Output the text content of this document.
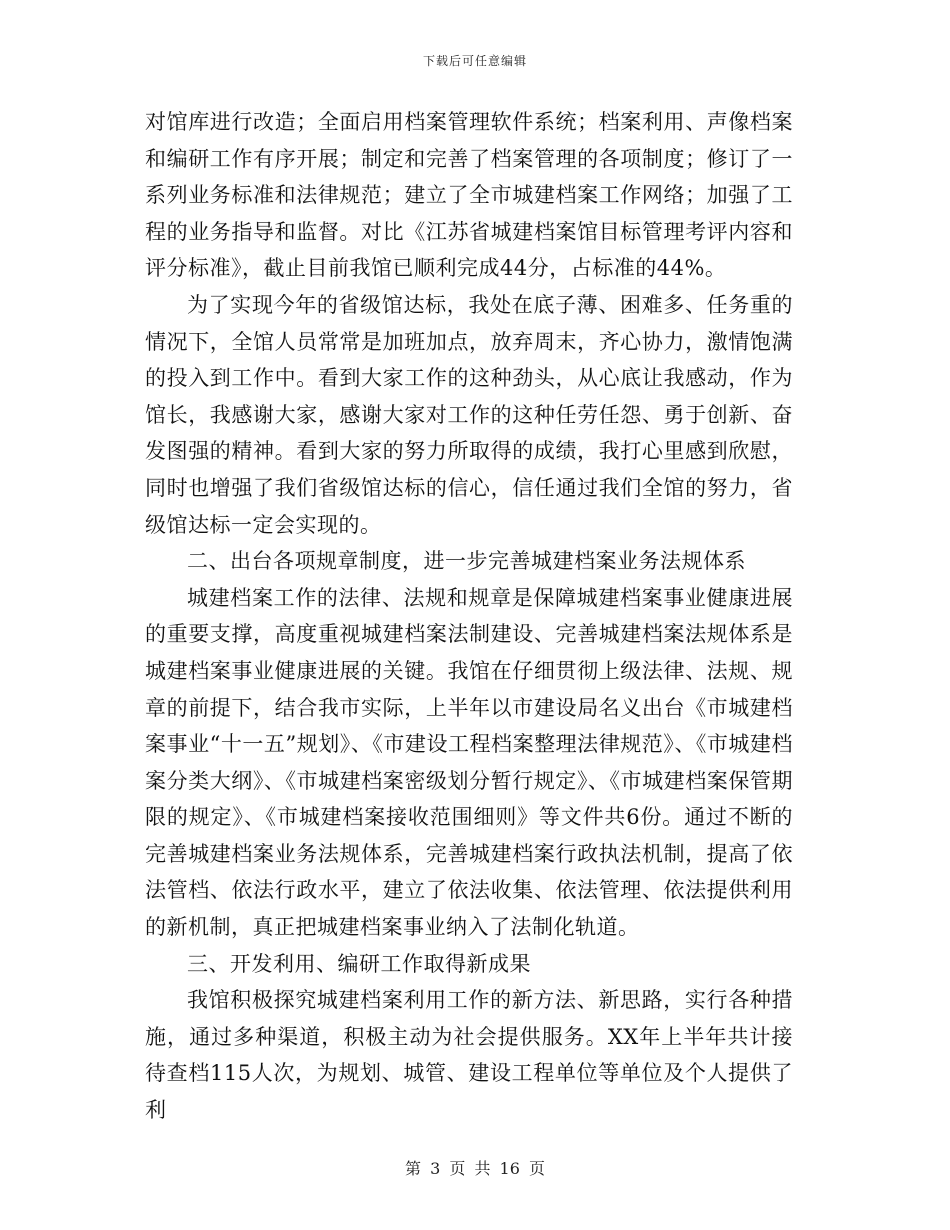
下载后可任意编辑

对馆库进行改造；全面启用档案管理软件系统；档案利用、声像档案和编研工作有序开展；制定和完善了档案管理的各项制度；修订了一系列业务标准和法律规范；建立了全市城建档案工作网络；加强了工程的业务指导和监督。对比《江苏省城建档案馆目标管理考评内容和评分标准》，截止目前我馆已顺利完成44分，占标准的44%。

为了实现今年的省级馆达标，我处在底子薄、困难多、任务重的情况下，全馆人员常常是加班加点，放弃周末，齐心协力，激情饱满的投入到工作中。看到大家工作的这种劲头，从心底让我感动，作为馆长，我感谢大家，感谢大家对工作的这种任劳任怨、勇于创新、奋发图强的精神。看到大家的努力所取得的成绩，我打心里感到欣慰，同时也增强了我们省级馆达标的信心，信任通过我们全馆的努力，省级馆达标一定会实现的。

二、出台各项规章制度，进一步完善城建档案业务法规体系

城建档案工作的法律、法规和规章是保障城建档案事业健康进展的重要支撑，高度重视城建档案法制建设、完善城建档案法规体系是城建档案事业健康进展的关键。我馆在仔细贯彻上级法律、法规、规章的前提下，结合我市实际，上半年以市建设局名义出台《市城建档案事业“十一五”规划》、《市建设工程档案整理法律规范》、《市城建档案分类大纲》、《市城建档案密级划分暂行规定》、《市城建档案保管期限的规定》、《市城建档案接收范围细则》等文件共6份。通过不断的完善城建档案业务法规体系，完善城建档案行政执法机制，提高了依法管档、依法行政水平，建立了依法收集、依法管理、依法提供利用的新机制，真正把城建档案事业纳入了法制化轨道。

三、开发利用、编研工作取得新成果

我馆积极探究城建档案利用工作的新方法、新思路，实行各种措施，通过多种渠道，积极主动为社会提供服务。XX年上半年共计接待查档115人次，为规划、城管、建设工程单位等单位及个人提供了利

第 3 页 共 16 页
